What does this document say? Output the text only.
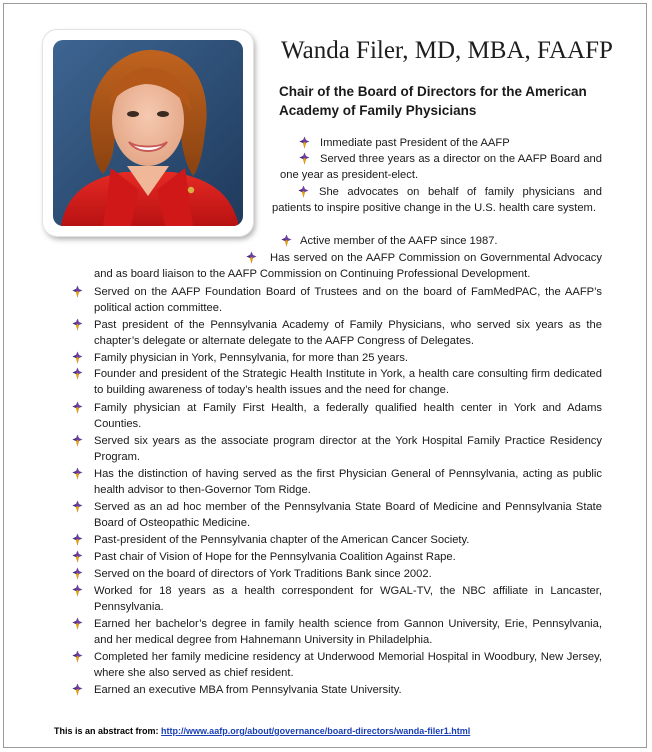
Wanda Filer, MD, MBA, FAAFP
Chair of the Board of Directors for the American Academy of Family Physicians
Immediate past President of the AAFP
Served three years as a director on the AAFP Board and one year as president-elect.
She advocates on behalf of family physicians and patients to inspire positive change in the U.S. health care system.
Active member of the AAFP since 1987.
Has served on the AAFP Commission on Governmental Advocacy and as board liaison to the AAFP Commission on Continuing Professional Development.
Served on the AAFP Foundation Board of Trustees and on the board of FamMedPAC, the AAFP’s political action committee.
Past president of the Pennsylvania Academy of Family Physicians, who served six years as the chapter’s delegate or alternate delegate to the AAFP Congress of Delegates.
Family physician in York, Pennsylvania, for more than 25 years.
Founder and president of the Strategic Health Institute in York, a health care consulting firm dedicated to building awareness of today’s health issues and the need for change.
Family physician at Family First Health, a federally qualified health center in York and Adams Counties.
Served six years as the associate program director at the York Hospital Family Practice Residency Program.
Has the distinction of having served as the first Physician General of Pennsylvania, acting as public health advisor to then-Governor Tom Ridge.
Served as an ad hoc member of the Pennsylvania State Board of Medicine and Pennsylvania State Board of Osteopathic Medicine.
Past-president of the Pennsylvania chapter of the American Cancer Society.
Past chair of Vision of Hope for the Pennsylvania Coalition Against Rape.
Served on the board of directors of York Traditions Bank since 2002.
Worked for 18 years as a health correspondent for WGAL-TV, the NBC affiliate in Lancaster, Pennsylvania.
Earned her bachelor’s degree in family health science from Gannon University, Erie, Pennsylvania, and her medical degree from Hahnemann University in Philadelphia.
Completed her family medicine residency at Underwood Memorial Hospital in Woodbury, New Jersey, where she also served as chief resident.
Earned an executive MBA from Pennsylvania State University.
This is an abstract from: http://www.aafp.org/about/governance/board-directors/wanda-filer1.html
